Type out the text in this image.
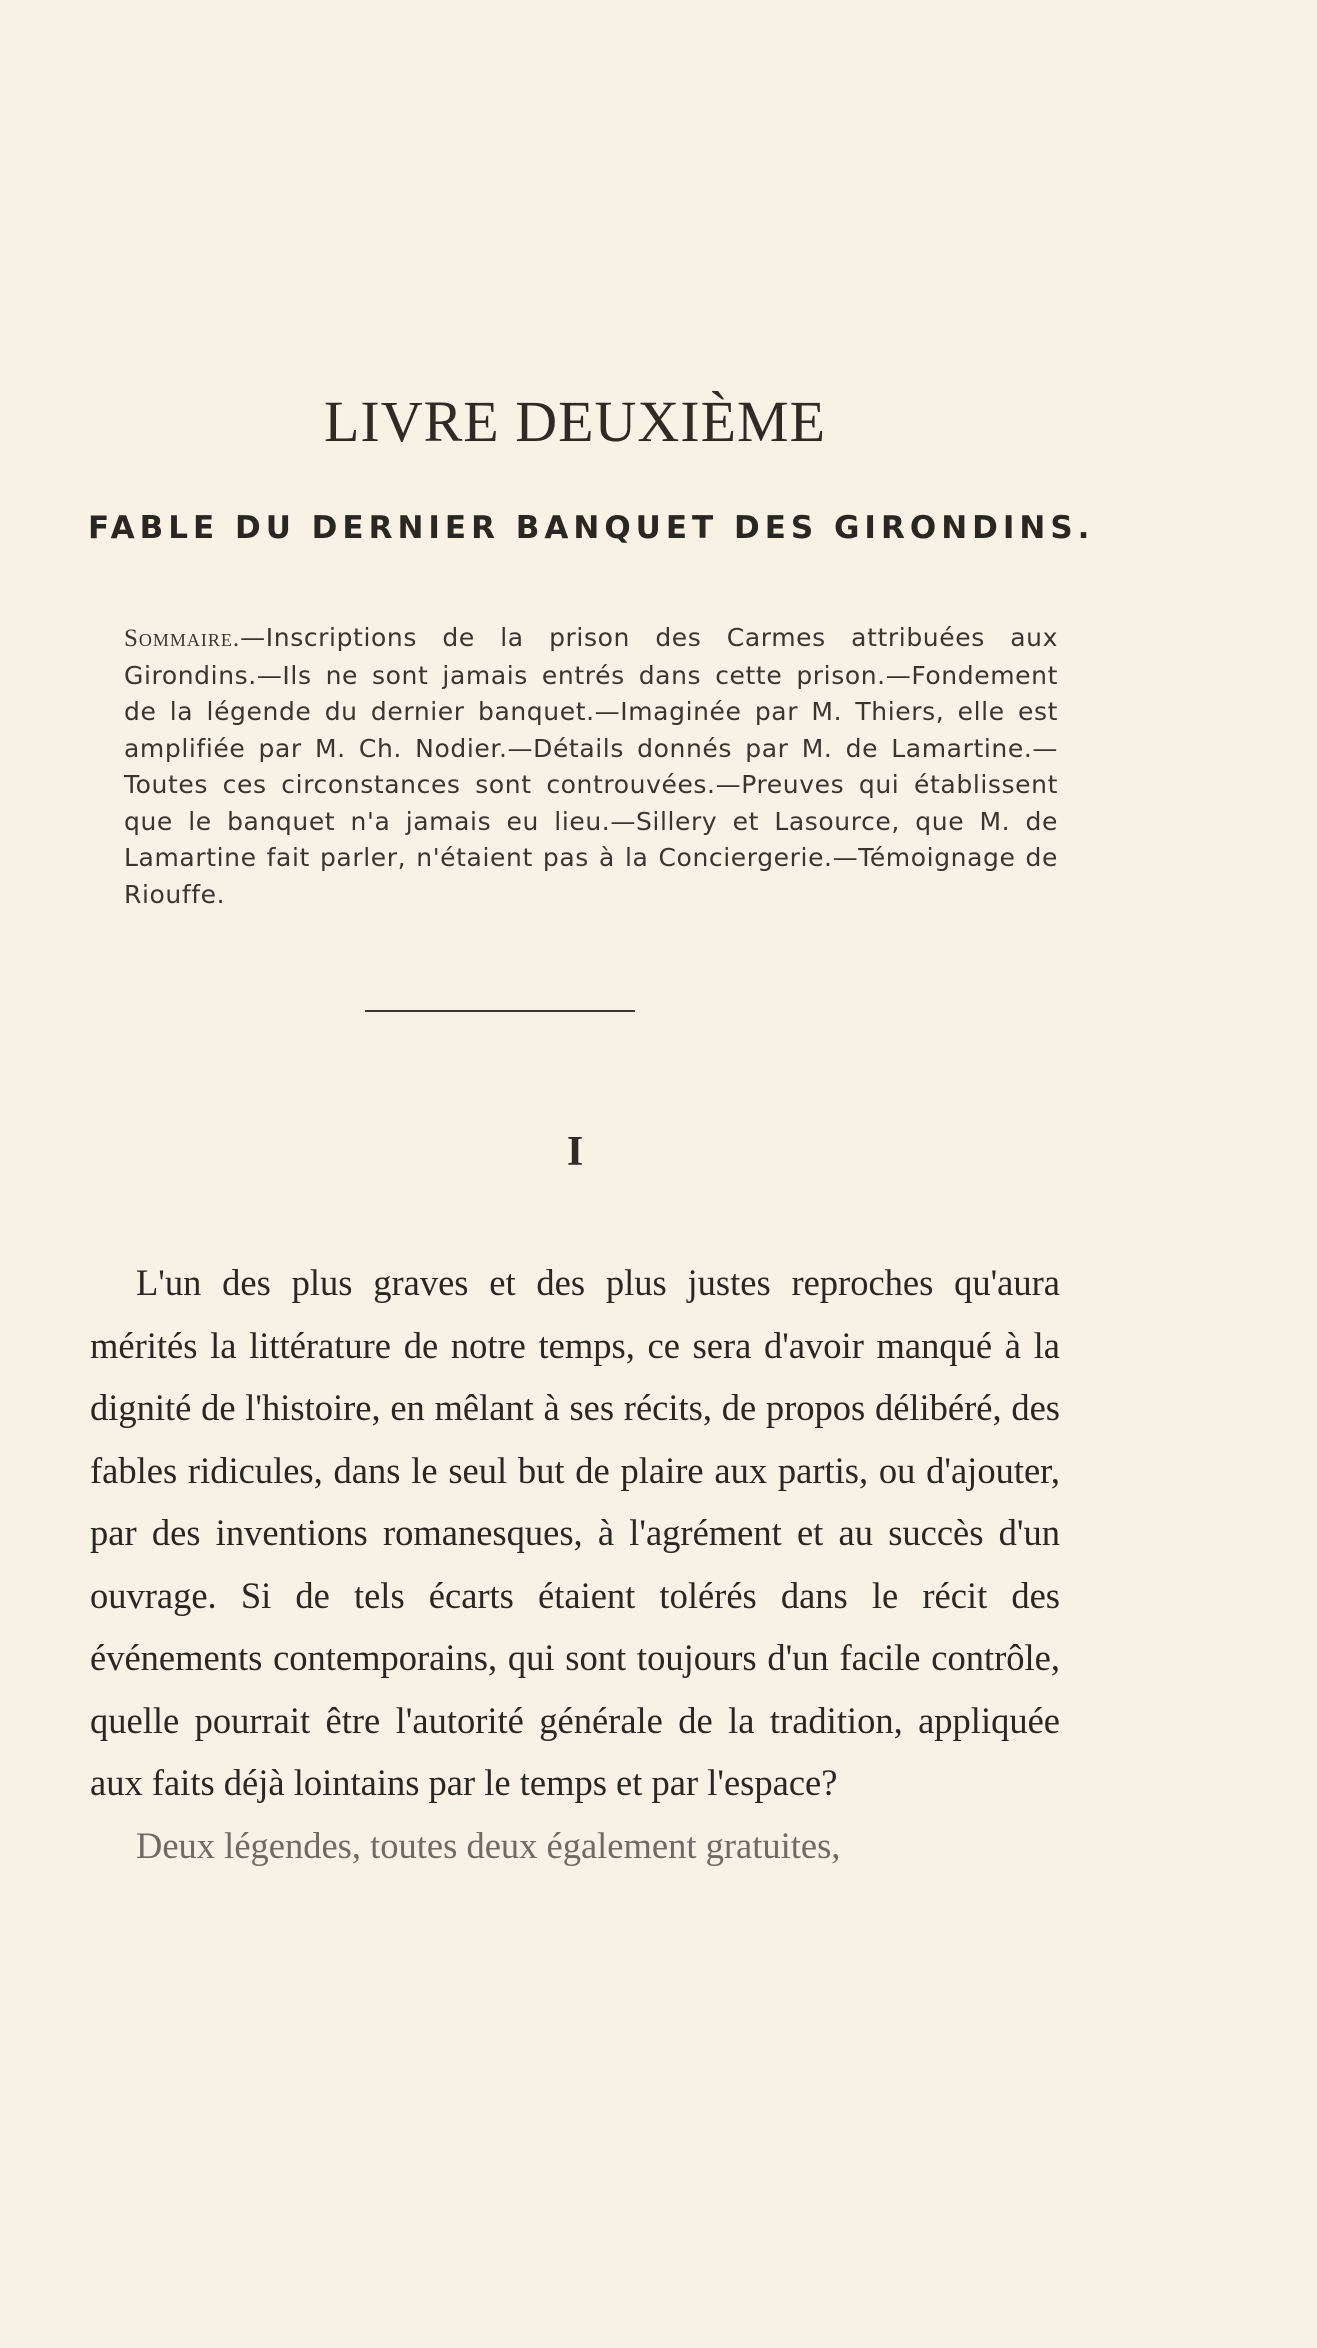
LIVRE DEUXIÈME
FABLE DU DERNIER BANQUET DES GIRONDINS.

Sommaire.—Inscriptions de la prison des Carmes attribuées aux Girondins.—Ils ne sont jamais entrés dans cette prison.—Fondement de la légende du dernier banquet.—Imaginée par M. Thiers, elle est amplifiée par M. Ch. Nodier.—Détails donnés par M. de Lamartine.—Toutes ces circonstances sont controuvées.—Preuves qui établissent que le banquet n'a jamais eu lieu.—Sillery et Lasource, que M. de Lamartine fait parler, n'étaient pas à la Conciergerie.—Témoignage de Riouffe.

I

L'un des plus graves et des plus justes reproches qu'aura mérités la littérature de notre temps, ce sera d'avoir manqué à la dignité de l'histoire, en mêlant à ses récits, de propos délibéré, des fables ridicules, dans le seul but de plaire aux partis, ou d'ajouter, par des inventions romanesques, à l'agrément et au succès d'un ouvrage. Si de tels écarts étaient tolérés dans le récit des événements contemporains, qui sont toujours d'un facile contrôle, quelle pourrait être l'autorité générale de la tradition, appliquée aux faits déjà lointains par le temps et par l'espace?

Deux légendes, toutes deux également gratuites,
